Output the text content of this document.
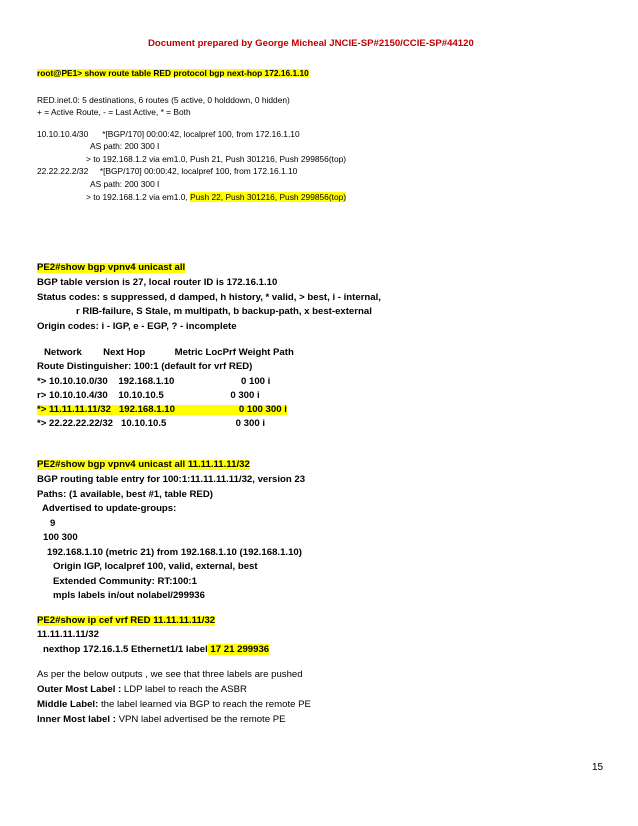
Document prepared by George Micheal JNCIE-SP#2150/CCIE-SP#44120
root@PE1> show route table RED protocol bgp next-hop 172.16.1.10
RED.inet.0: 5 destinations, 6 routes (5 active, 0 holddown, 0 hidden)
+ = Active Route, - = Last Active, * = Both
10.10.10.4/30      *[BGP/170] 00:00:42, localpref 100, from 172.16.1.10
AS path: 200 300 I
> to 192.168.1.2 via em1.0, Push 21, Push 301216, Push 299856(top)
22.22.22.2/32     *[BGP/170] 00:00:42, localpref 100, from 172.16.1.10
AS path: 200 300 I
> to 192.168.1.2 via em1.0, Push 22, Push 301216, Push 299856(top)
PE2#show bgp vpnv4 unicast all
BGP table version is 27, local router ID is 172.16.1.10
Status codes: s suppressed, d damped, h history, * valid, > best, i - internal,
r RIB-failure, S Stale, m multipath, b backup-path, x best-external
Origin codes: i - IGP, e - EGP, ? - incomplete
Network        Next Hop           Metric LocPrf Weight Path
Route Distinguisher: 100:1 (default for vrf RED)
*> 10.10.10.0/30    192.168.1.10                         0 100 i
r> 10.10.10.4/30    10.10.10.5                         0 300 i
*> 11.11.11.11/32   192.168.1.10                        0 100 300 i
*> 22.22.22.22/32   10.10.10.5                          0 300 i
PE2#show bgp vpnv4 unicast all 11.11.11.11/32
BGP routing table entry for 100:1:11.11.11.11/32, version 23
Paths: (1 available, best #1, table RED)
Advertised to update-groups:
9
100 300
192.168.1.10 (metric 21) from 192.168.1.10 (192.168.1.10)
Origin IGP, localpref 100, valid, external, best
Extended Community: RT:100:1
mpls labels in/out nolabel/299936
PE2#show ip cef vrf RED 11.11.11.11/32
11.11.11.11/32
nexthop 172.16.1.5 Ethernet1/1 label 17 21 299936
As per the below outputs , we see that three labels are pushed
Outer Most Label : LDP label to reach the ASBR
Middle Label: the label learned via BGP to reach the remote PE
Inner Most label : VPN label advertised be the remote PE
15
